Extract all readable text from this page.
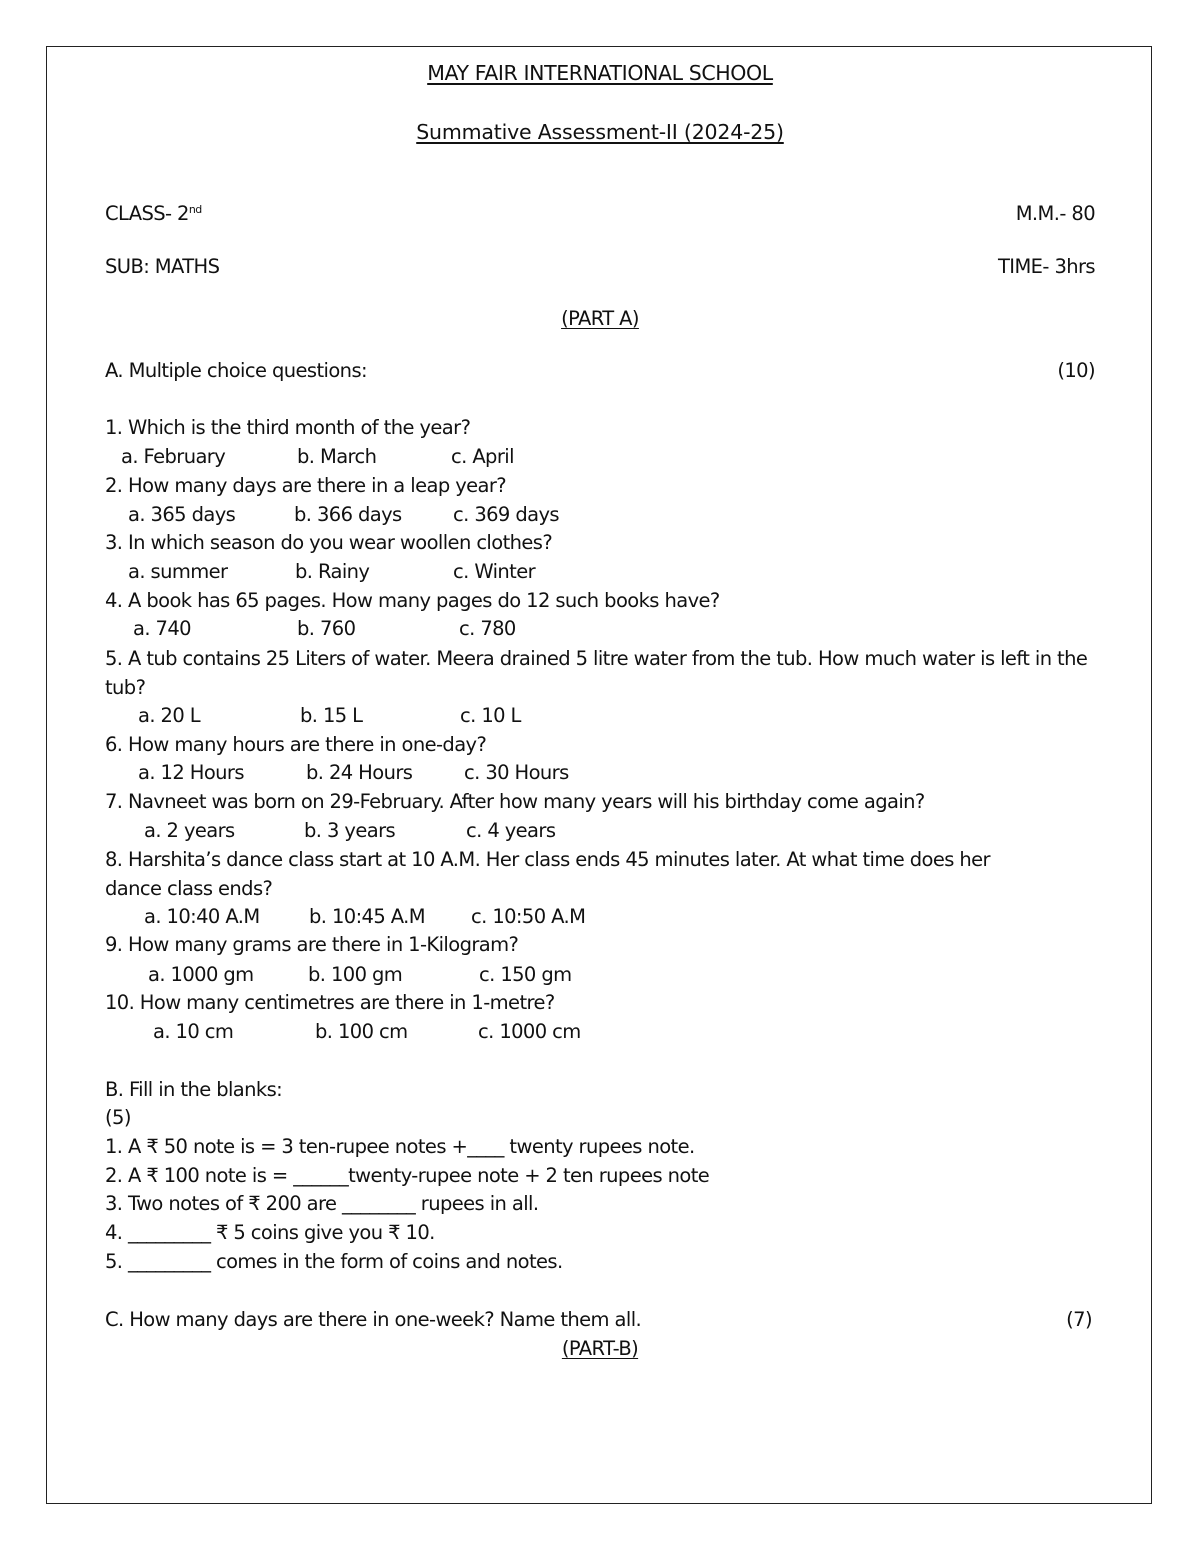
MAY FAIR INTERNATIONAL SCHOOL
Summative Assessment-II (2024-25)
CLASS- 2nd	M.M.- 80
SUB: MATHS	TIME- 3hrs
(PART A)
A. Multiple choice questions:	(10)
1. Which is the third month of the year?
a. February	b. March	c. April
2. How many days are there in a leap year?
a. 365 days	b. 366 days	c. 369 days
3. In which season do you wear woollen clothes?
a. summer	b. Rainy	c. Winter
4. A book has 65 pages. How many pages do 12 such books have?
a. 740	b. 760	c. 780
5. A tub contains 25 Liters of water. Meera drained 5 litre water from the tub. How much water is left in the tub?
a. 20 L	b. 15 L	c. 10 L
6. How many hours are there in one-day?
a. 12 Hours	b. 24 Hours	c. 30 Hours
7. Navneet was born on 29-February. After how many years will his birthday come again?
a. 2 years	b. 3 years	c. 4 years
8. Harshita’s dance class start at 10 A.M. Her class ends 45 minutes later. At what time does her dance class ends?
a. 10:40 A.M	b. 10:45 A.M c. 10:50 A.M
9. How many grams are there in 1-Kilogram?
a. 1000 gm	b. 100 gm	c. 150 gm
10. How many centimetres are there in 1-metre?
a. 10 cm	b. 100 cm	c. 1000 cm
B. Fill in the blanks:
(5)
1. A ₹ 50 note is = 3 ten-rupee notes +____ twenty rupees note.
2. A ₹ 100 note is = ______twenty-rupee note + 2 ten rupees note
3. Two notes of ₹ 200 are ________ rupees in all.
4. _________ ₹ 5 coins give you ₹ 10.
5. _________ comes in the form of coins and notes.
C. How many days are there in one-week? Name them all.	(7)
(PART-B)
